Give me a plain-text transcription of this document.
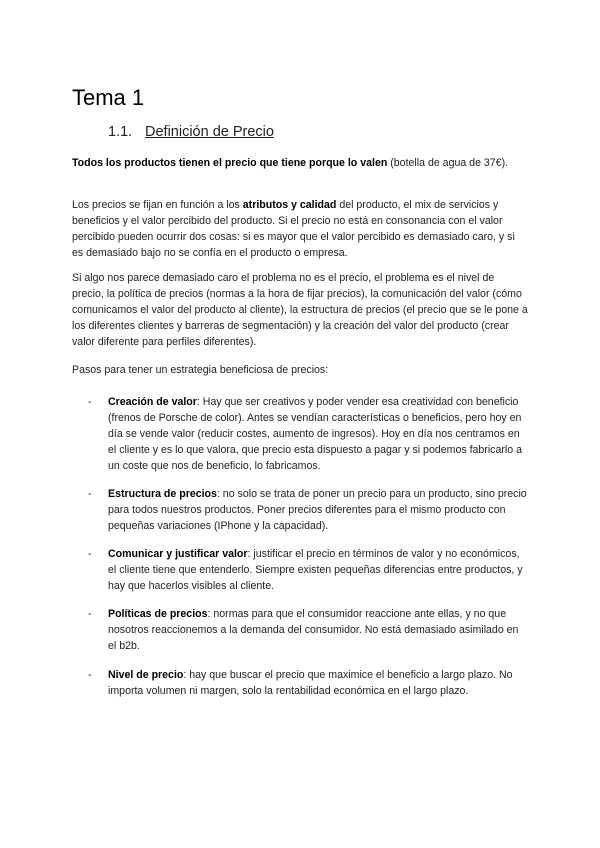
Tema 1
1.1. Definición de Precio

Todos los productos tienen el precio que tiene porque lo valen (botella de agua de 37€).

Los precios se fijan en función a los atributos y calidad del producto, el mix de servicios y beneficios y el valor percibido del producto. Si el precio no está en consonancia con el valor percibido pueden ocurrir dos cosas: si es mayor que el valor percibido es demasiado caro, y si es demasiado bajo no se confía en el producto o empresa.

Si algo nos parece demasiado caro el problema no es el precio, el problema es el nivel de precio, la política de precios (normas a la hora de fijar precios), la comunicación del valor (cómo comunicamos el valor del producto al cliente), la estructura de precios (el precio que se le pone a los diferentes clientes y barreras de segmentación) y la creación del valor del producto (crear valor diferente para perfiles diferentes).

Pasos para tener un estrategia beneficiosa de precios:

- Creación de valor: Hay que ser creativos y poder vender esa creatividad con beneficio (frenos de Porsche de color). Antes se vendían características o beneficios, pero hoy en día se vende valor (reducir costes, aumento de ingresos). Hoy en día nos centramos en el cliente y es lo que valora, que precio esta dispuesto a pagar y si podemos fabricarlo a un coste que nos de beneficio, lo fabricamos.
- Estructura de precios: no solo se trata de poner un precio para un producto, sino precio para todos nuestros productos. Poner precios diferentes para el mismo producto con pequeñas variaciones (IPhone y la capacidad).
- Comunicar y justificar valor: justificar el precio en términos de valor y no económicos, el cliente tiene que entenderlo. Siempre existen pequeñas diferencias entre productos, y hay que hacerlos visibles al cliente.
- Políticas de precios: normas para que el consumidor reaccione ante ellas, y no que nosotros reaccionemos a la demanda del consumidor. No está demasiado asimilado en el b2b.
- Nivel de precio: hay que buscar el precio que maximice el beneficio a largo plazo. No importa volumen ni margen, solo la rentabilidad económica en el largo plazo.
